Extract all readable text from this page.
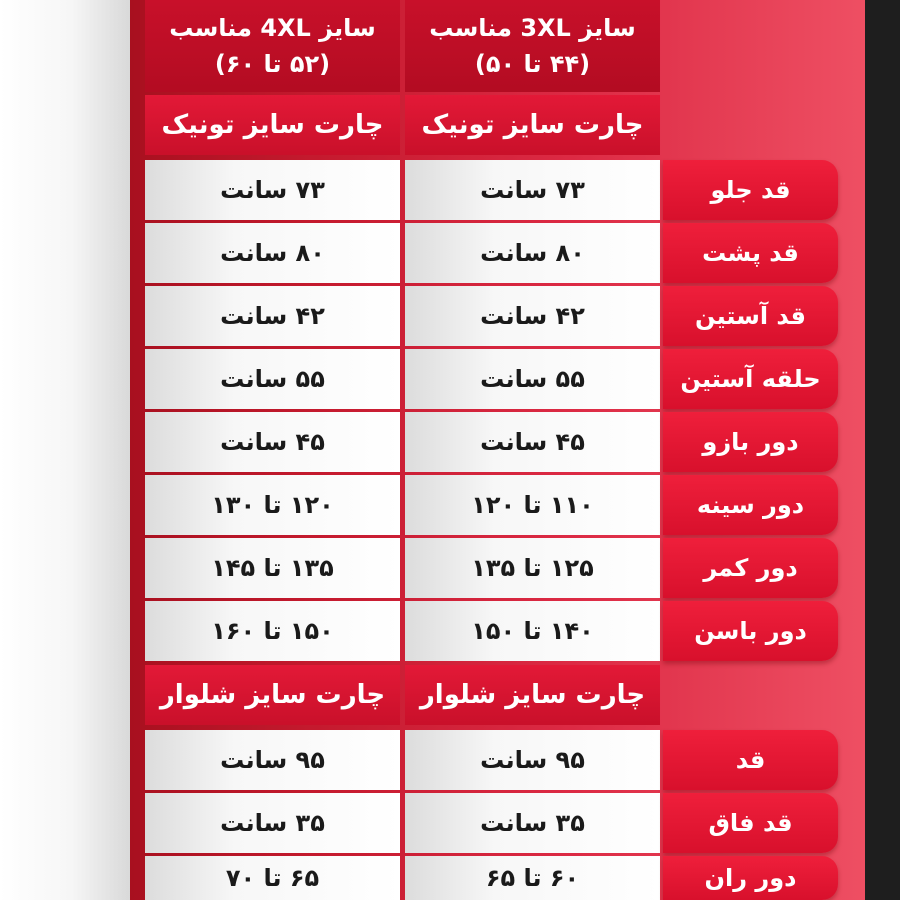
سایز 4XL مناسب
(۵۲ تا ۶۰)
سایز 3XL مناسب
(۴۴ تا ۵۰)
چارت سایز تونیک	چارت سایز تونیک
۷۳ سانت	۷۳ سانت	قد جلو
۸۰ سانت	۸۰ سانت	قد پشت
۴۲ سانت	۴۲ سانت	قد آستین
۵۵ سانت	۵۵ سانت	حلقه آستین
۴۵ سانت	۴۵ سانت	دور بازو
۱۲۰ تا ۱۳۰	۱۱۰ تا ۱۲۰	دور سینه
۱۳۵ تا ۱۴۵	۱۲۵ تا ۱۳۵	دور کمر
۱۵۰ تا ۱۶۰	۱۴۰ تا ۱۵۰	دور باسن
چارت سایز شلوار	چارت سایز شلوار
۹۵ سانت	۹۵ سانت	قد
۳۵ سانت	۳۵ سانت	قد فاق
۶۵ تا ۷۰	۶۰ تا ۶۵	دور ران
